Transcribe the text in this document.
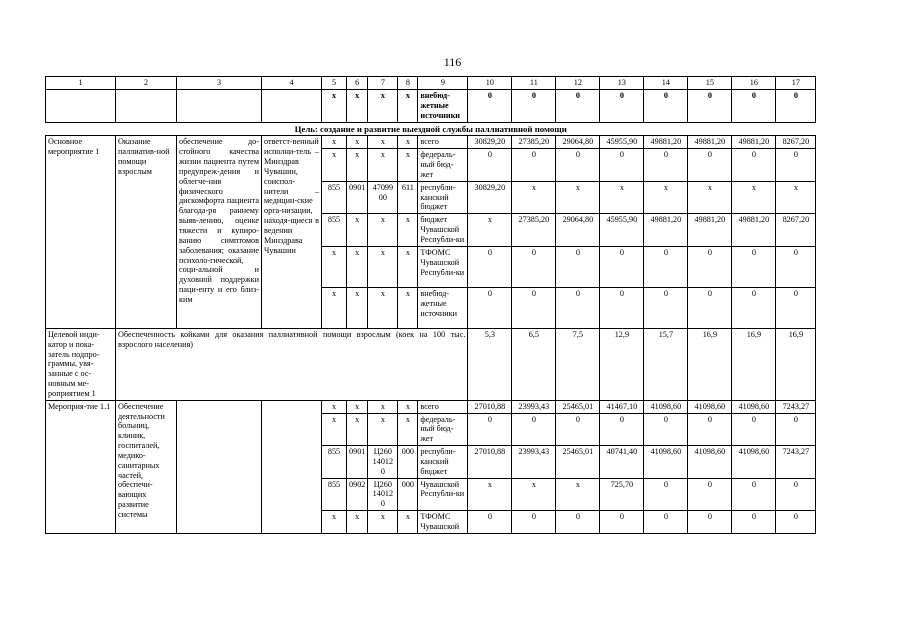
116
1	2	3	4	5	6	7	8	9	10	11	12	13	14	15	16	17
				x	x	x	x	внебюд-жетные источники	0	0	0	0	0	0	0	0
Цель: создание и развитие выездной службы паллиативной помощи																
Основное мероприятие 1	Оказание паллиатив-ной помощи взрослым	обеспечение до-стойного качества жизни пациента путем предупреж-дения и облегче-ния физического дискомфорта пациента благода-ря раннему выяв-лению, оценке тяжести и купиро-ванию симптомов заболевания; оказание психоло-гической, соци-альной и духовной поддержки паци-енту и его близ-ким	ответст-венный исполни-тель – Минздрав Чувашии, соиспол-нители – медицин-ские орга-низации, находя-щиеся в ведении Минздрава Чувашии	x	x	x	x	всего	30829,20	27385,20	29064,80	45955,90	49881,20	49881,20	49881,20	8267,20
				x	x	x	x	федераль-ный бюд-жет	0	0	0	0	0	0	0	0
				855	0901	47099 00	611	республи-канский бюджет	30829,20	x	x	x	x	x	x	x
				855	x	x	x	бюджет Чувашской Республи-ки	x	27385,20	29064,80	45955,90	49881,20	49881,20	49881,20	8267,20
				x	x	x	x	ТФОМС Чувашской Республи-ки	0	0	0	0	0	0	0	0
				x	x	x	x	внебюд-жетные источники	0	0	0	0	0	0	0	0
Целевой инди-катор и пока-затель подпро-граммы, увя-занные с ос-новным ме-роприятием 1	Обеспеченность койками для оказания паллиативной помощи взрослым (коек на 100 тыс. взрослого населения)								5,3	6,5	7,5	12,9	15,7	16,9	16,9	16,9
Мероприя-тие 1.1	Обеспечение деятельности больниц, клиник, госпиталей, медико-санитарных частей, обеспечи-вающих развитие системы			x	x	x	x	всего	27010,88	23993,43	25465,01	41467,10	41098,60	41098,60	41098,60	7243,27
				x	x	x	x	федераль-ный бюд-жет	0	0	0	0	0	0	0	0
				855	0901	Ц260 14012 0	000	республи-канский бюджет	27010,88	23993,43	25465,01	40741,40	41098,60	41098,60	41098,60	7243,27
				855	0902	Ц260 14012 0	000	Чувашской Республи-ки	x	x	x	725,70	0	0	0	0
				x	x	x	x	ТФОМС Чувашской	0	0	0	0	0	0	0	0
